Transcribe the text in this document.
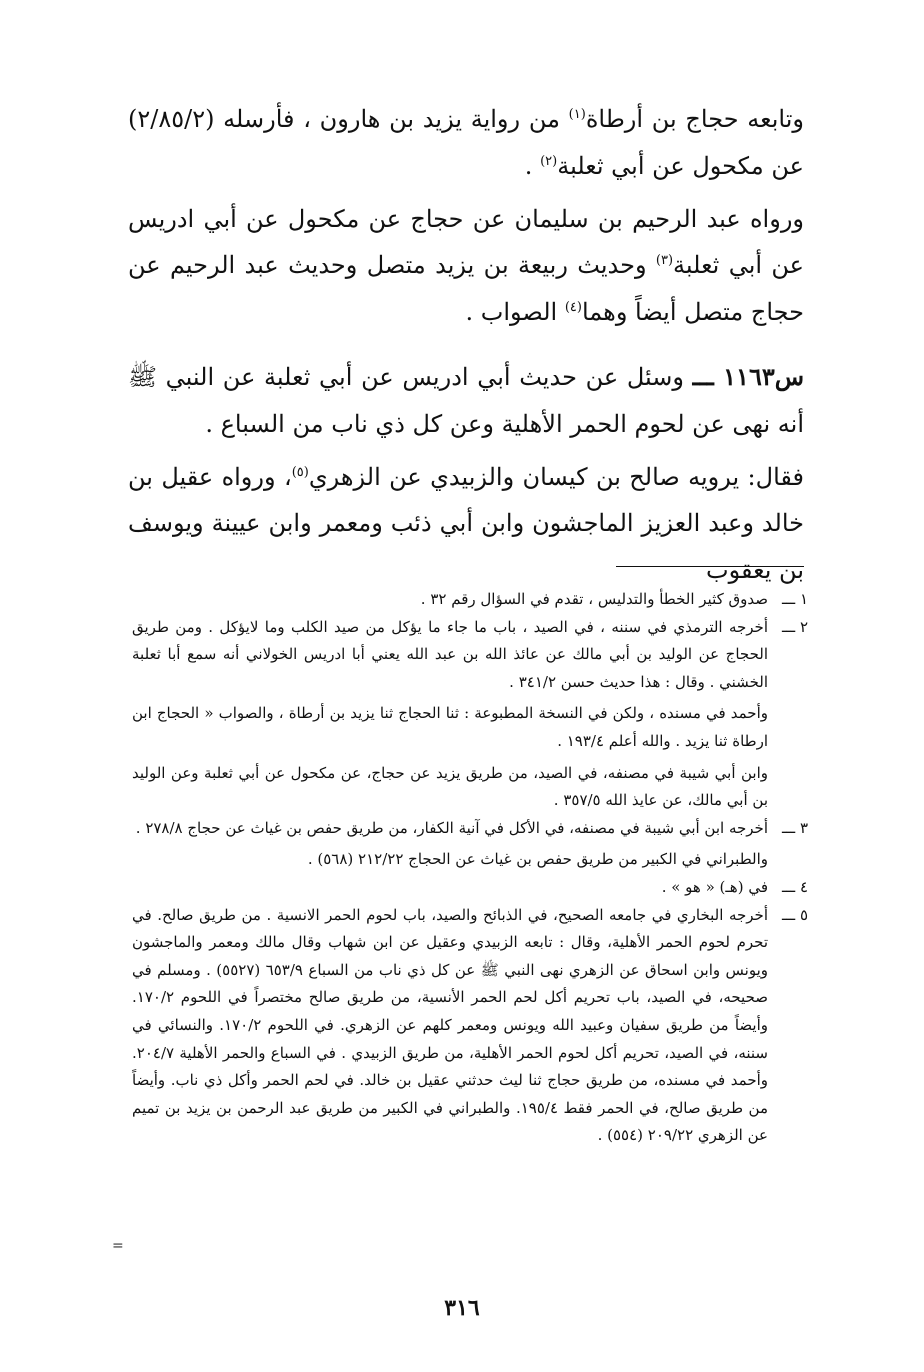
وتابعه حجاج بن أرطاة$^{(١)}$ من رواية يزيد بن هارون ، فأرسله (٢/٨٥/٢) عن مكحول عن أبي ثعلبة$^{(٢)}$ .

ورواه عبد الرحيم بن سليمان عن حجاج عن مكحول عن أبي ادريس عن أبي ثعلبة$^{(٣)}$ وحديث ربيعة بن يزيد متصل وحديث عبد الرحيم عن حجاج متصل أيضاً وهما$^{(٤)}$ الصواب .

س١١٦٣ ـــ وسئل عن حديث أبي ادريس عن أبي ثعلبة عن النبي ﷺ أنه نهى عن لحوم الحمر الأهلية وعن كل ذي ناب من السباع .

فقال: يرويه صالح بن كيسان والزبيدي عن الزهري$^{(٥)}$، ورواه عقيل بن خالد وعبد العزيز الماجشون وابن أبي ذئب ومعمر وابن عيينة ويوسف بن يعقوب

١ ـــ

صدوق كثير الخطأ والتدليس ، تقدم في السؤال رقم ٣٢ .

٢ ـــ

أخرجه الترمذي في سننه ، في الصيد ، باب ما جاء ما يؤكل من صيد الكلب وما لايؤكل . ومن طريق الحجاج عن الوليد بن أبي مالك عن عائذ الله بن عبد الله يعني أبا ادريس الخولاني أنه سمع أبا ثعلبة الخشني . وقال : هذا حديث حسن ٣٤١/٢ .

وأحمد في مسنده ، ولكن في النسخة المطبوعة : ثنا الحجاج ثنا يزيد بن أرطاة ، والصواب « الحجاج ابن ارطاة ثنا يزيد . والله أعلم ١٩٣/٤ .

وابن أبي شيبة في مصنفه، في الصيد، من طريق يزيد عن حجاج، عن مكحول عن أبي ثعلبة وعن الوليد بن أبي مالك، عن عايذ الله ٣٥٧/٥ .

٣ ـــ

أخرجه ابن أبي شيبة في مصنفه، في الأكل في آنية الكفار، من طريق حفص بن غياث عن حجاج ٢٧٨/٨ .

والطبراني في الكبير من طريق حفص بن غياث عن الحجاج ٢١٢/٢٢ (٥٦٨) .

٤ ـــ

في (هـ) « هو » .

٥ ـــ

أخرجه البخاري في جامعه الصحيح، في الذبائح والصيد، باب لحوم الحمر الانسية . من طريق صالح. في تحرم لحوم الحمر الأهلية، وقال : تابعه الزبيدي وعقيل عن ابن شهاب وقال مالك ومعمر والماجشون ويونس وابن اسحاق عن الزهري نهى النبي ﷺ عن كل ذي ناب من السباع ٦٥٣/٩ (٥٥٢٧) . ومسلم في صحيحه، في الصيد، باب تحريم أكل لحم الحمر الأنسية، من طريق صالح مختصراً في اللحوم ١٧٠/٢. وأيضاً من طريق سفيان وعبيد الله ويونس ومعمر كلهم عن الزهري. في اللحوم ١٧٠/٢. والنسائي في سننه، في الصيد، تحريم أكل لحوم الحمر الأهلية، من طريق الزبيدي . في السباع والحمر الأهلية ٢٠٤/٧. وأحمد في مسنده، من طريق حجاج ثنا ليث حدثني عقيل بن خالد. في لحم الحمر وأكل ذي ناب. وأيضاً من طريق صالح، في الحمر فقط ١٩٥/٤. والطبراني في الكبير من طريق عبد الرحمن بن يزيد بن تميم عن الزهري ٢٠٩/٢٢ (٥٥٤) .

=
٣١٦
